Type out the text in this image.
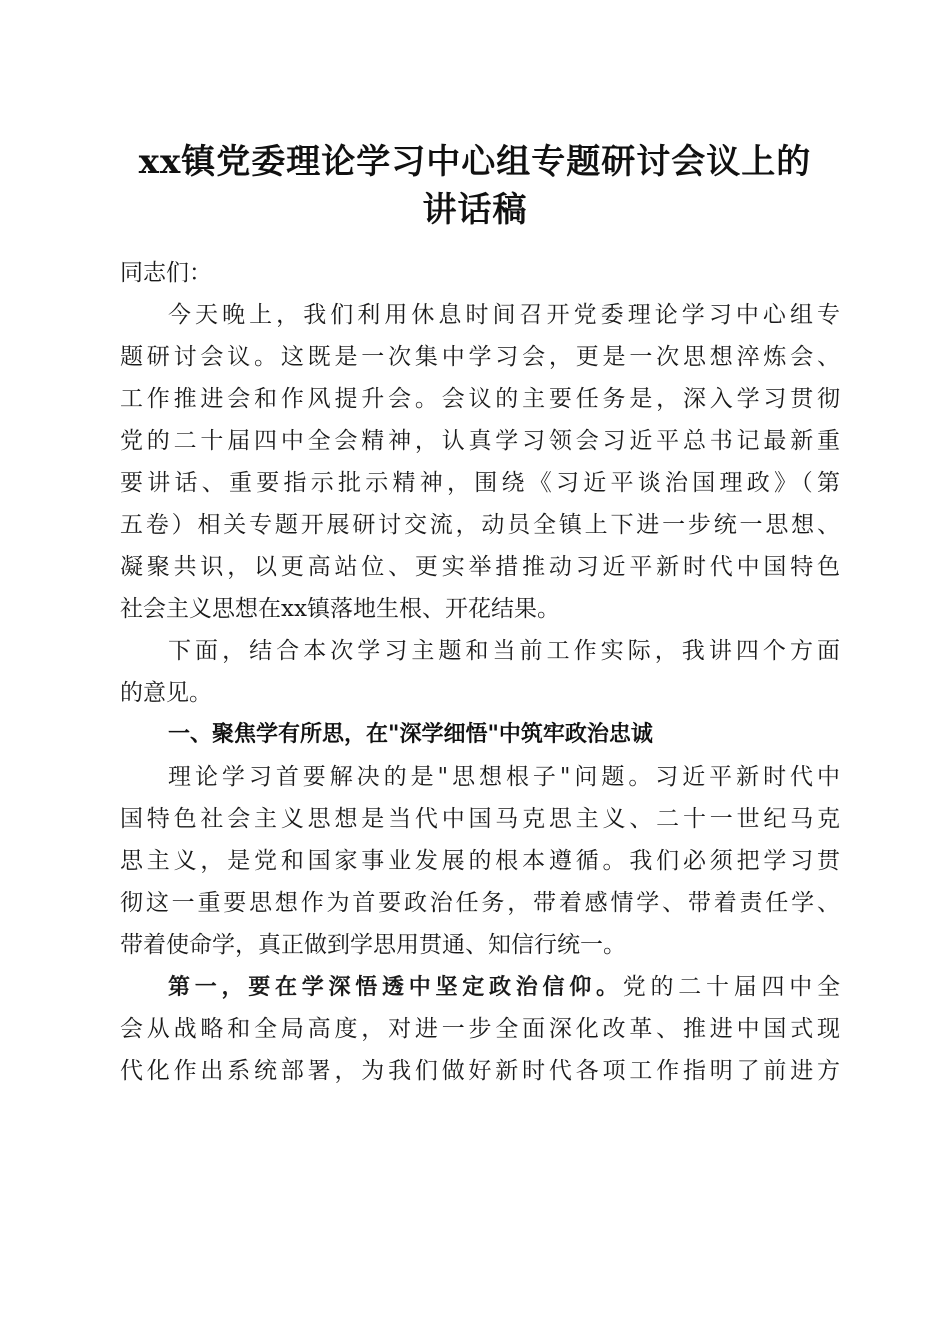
xx镇党委理论学习中心组专题研讨会议上的
讲话稿
同志们：
今天晚上，我们利用休息时间召开党委理论学习中心组专
题研讨会议。这既是一次集中学习会，更是一次思想淬炼会、
工作推进会和作风提升会。会议的主要任务是，深入学习贯彻
党的二十届四中全会精神，认真学习领会习近平总书记最新重
要讲话、重要指示批示精神，围绕《习近平谈治国理政》（第
五卷）相关专题开展研讨交流，动员全镇上下进一步统一思想、
凝聚共识，以更高站位、更实举措推动习近平新时代中国特色
社会主义思想在xx镇落地生根、开花结果。
下面，结合本次学习主题和当前工作实际，我讲四个方面
的意见。
一、聚焦学有所思，在"深学细悟"中筑牢政治忠诚
理论学习首要解决的是"思想根子"问题。习近平新时代中
国特色社会主义思想是当代中国马克思主义、二十一世纪马克
思主义，是党和国家事业发展的根本遵循。我们必须把学习贯
彻这一重要思想作为首要政治任务，带着感情学、带着责任学、
带着使命学，真正做到学思用贯通、知信行统一。
第一，要在学深悟透中坚定政治信仰。党的二十届四中全
会从战略和全局高度，对进一步全面深化改革、推进中国式现
代化作出系统部署，为我们做好新时代各项工作指明了前进方
